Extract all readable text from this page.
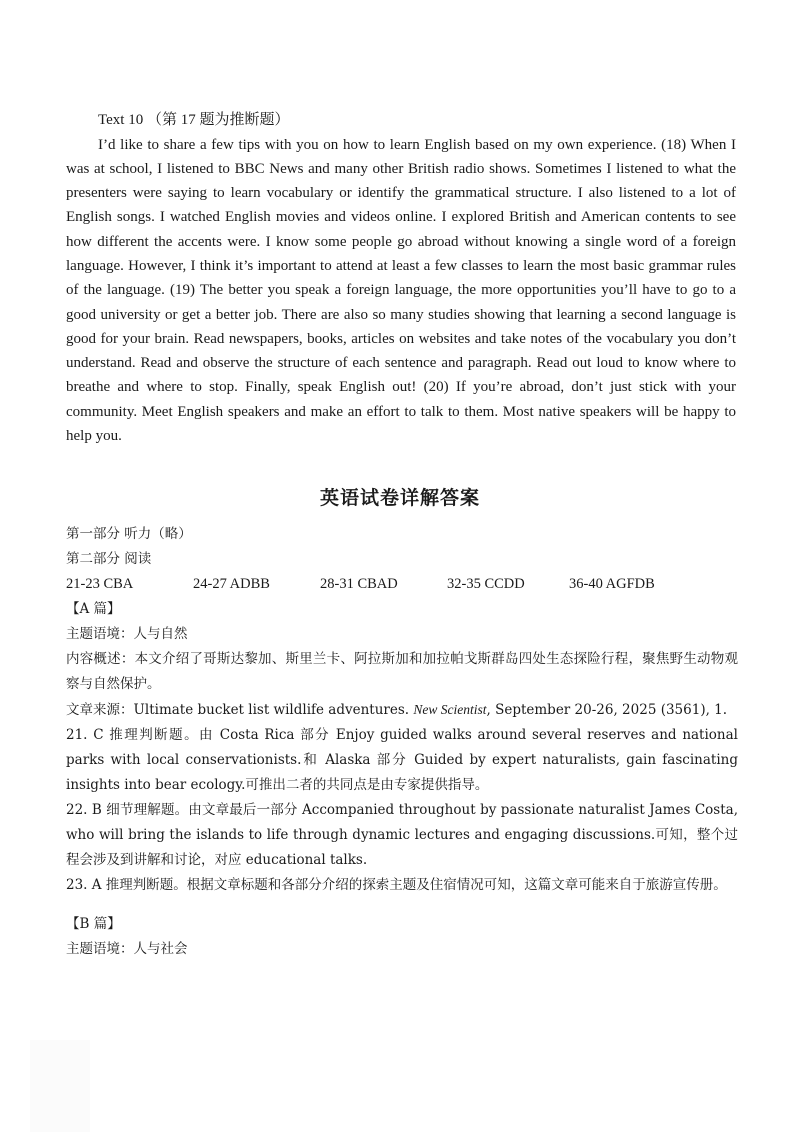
Text 10 （第 17 题为推断题）

I’d like to share a few tips with you on how to learn English based on my own experience. (18) When I was at school, I listened to BBC News and many other British radio shows. Sometimes I listened to what the presenters were saying to learn vocabulary or identify the grammatical structure. I also listened to a lot of English songs. I watched English movies and videos online. I explored British and American contents to see how different the accents were. I know some people go abroad without knowing a single word of a foreign language. However, I think it’s important to attend at least a few classes to learn the most basic grammar rules of the language. (19) The better you speak a foreign language, the more opportunities you’ll have to go to a good university or get a better job. There are also so many studies showing that learning a second language is good for your brain. Read newspapers, books, articles on websites and take notes of the vocabulary you don’t understand. Read and observe the structure of each sentence and paragraph. Read out loud to know where to breathe and where to stop. Finally, speak English out! (20) If you’re abroad, don’t just stick with your community. Meet English speakers and make an effort to talk to them. Most native speakers will be happy to help you.

英语试卷详解答案

第一部分 听力（略）

第二部分 阅读

21-23 CBA	24-27 ADBB	28-31 CBAD	32-35 CCDD	36-40 AGFDB

【A 篇】

主题语境：人与自然

内容概述：本文介绍了哥斯达黎加、斯里兰卡、阿拉斯加和加拉帕戈斯群岛四处生态探险行程，聚焦野生动物观察与自然保护。

文章来源：Ultimate bucket list wildlife adventures. New Scientist, September 20-26, 2025 (3561), 1.

21. C 推理判断题。由 Costa Rica 部分 Enjoy guided walks around several reserves and national parks with local conservationists.和 Alaska 部分 Guided by expert naturalists, gain fascinating insights into bear ecology.可推出二者的共同点是由专家提供指导。

22. B 细节理解题。由文章最后一部分 Accompanied throughout by passionate naturalist James Costa, who will bring the islands to life through dynamic lectures and engaging discussions.可知，整个过程会涉及到讲解和讨论，对应 educational talks.

23. A 推理判断题。根据文章标题和各部分介绍的探索主题及住宿情况可知，这篇文章可能来自于旅游宣传册。

【B 篇】

主题语境：人与社会
